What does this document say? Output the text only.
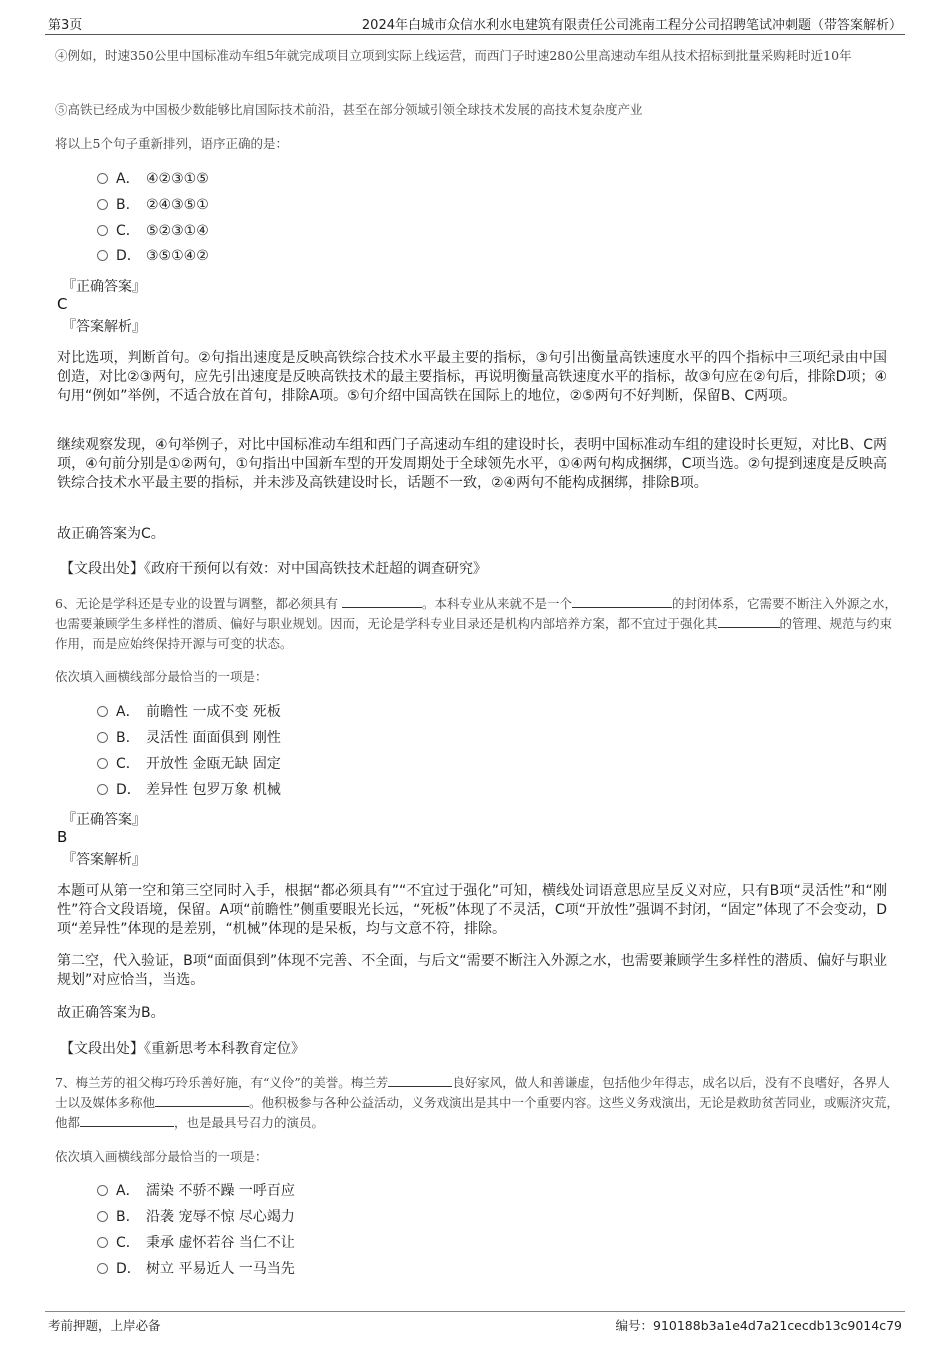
第3页	2024年白城市众信水利水电建筑有限责任公司洮南工程分公司招聘笔试冲刺题（带答案解析）
④例如，时速350公里中国标准动车组5年就完成项目立项到实际上线运营，而西门子时速280公里高速动车组从技术招标到批量采购耗时近10年
⑤高铁已经成为中国极少数能够比肩国际技术前沿，甚至在部分领域引领全球技术发展的高技术复杂度产业
将以上5个句子重新排列，语序正确的是：
A． ④②③①⑤
B. ②④③⑤①
C． ⑤②③①④
D． ③⑤①④②
『正确答案』
C
『答案解析』
对比选项，判断首句。②句指出速度是反映高铁综合技术水平最主要的指标，③句引出衡量高铁速度水平的四个指标中三项纪录由中国创造，对比②③两句，应先引出速度是反映高铁技术的最主要指标，再说明衡量高铁速度水平的指标，故③句应在②句后，排除D项；④句用“例如”举例，不适合放在首句，排除A项。⑤句介绍中国高铁在国际上的地位，②⑤两句不好判断，保留B、C两项。
继续观察发现，④句举例子，对比中国标准动车组和西门子高速动车组的建设时长，表明中国标准动车组的建设时长更短，对比B、C两项，④句前分别是①②两句，①句指出中国新车型的开发周期处于全球领先水平，①④两句构成捆绑，C项当选。②句提到速度是反映高铁综合技术水平最主要的指标，并未涉及高铁建设时长，话题不一致，②④两句不能构成捆绑，排除B项。
故正确答案为C。
【文段出处】《政府干预何以有效：对中国高铁技术赶超的调查研究》
6、无论是学科还是专业的设置与调整，都必须具有	。本科专业从来就不是一个	的封闭体系，它需要不断注入外源之水，也需要兼顾学生多样性的潜质、偏好与职业规划。因而，无论是学科专业目录还是机构内部培养方案，都不宜过于强化其	的管理、规范与约束作用，而是应始终保持开源与可变的状态。
依次填入画横线部分最恰当的一项是：
A． 前瞻性 一成不变 死板
B. 灵活性 面面俱到 刚性
C． 开放性 金瓯无缺 固定
D． 差异性 包罗万象 机械
『正确答案』
B
『答案解析』
本题可从第一空和第三空同时入手，根据“都必须具有”“不宜过于强化”可知，横线处词语意思应呈反义对应，只有B项“灵活性”和“刚性”符合文段语境，保留。A项“前瞻性”侧重要眼光长远，“死板”体现了不灵活，C项“开放性”强调不封闭，“固定”体现了不会变动，D项“差异性”体现的是差别，“机械”体现的是呆板，均与文意不符，排除。
第二空，代入验证，B项“面面俱到”体现不完善、不全面，与后文“需要不断注入外源之水，也需要兼顾学生多样性的潜质、偏好与职业规划”对应恰当，当选。
故正确答案为B。
【文段出处】《重新思考本科教育定位》
7、梅兰芳的祖父梅巧玲乐善好施，有“义伶”的美誉。梅兰芳	良好家风，做人和善谦虚，包括他少年得志，成名以后，没有不良嗜好，各界人士以及媒体多称他	。他积极参与各种公益活动，义务戏演出是其中一个重要内容。这些义务戏演出，无论是救助贫苦同业，或赈济灾荒，他都	，也是最具号召力的演员。
依次填入画横线部分最恰当的一项是：
A． 濡染 不骄不躁 一呼百应
B. 沿袭 宠辱不惊 尽心竭力
C． 秉承 虚怀若谷 当仁不让
D． 树立 平易近人 一马当先
考前押题，上岸必备	编号：910188b3a1e4d7a21cecdb13c9014c79
